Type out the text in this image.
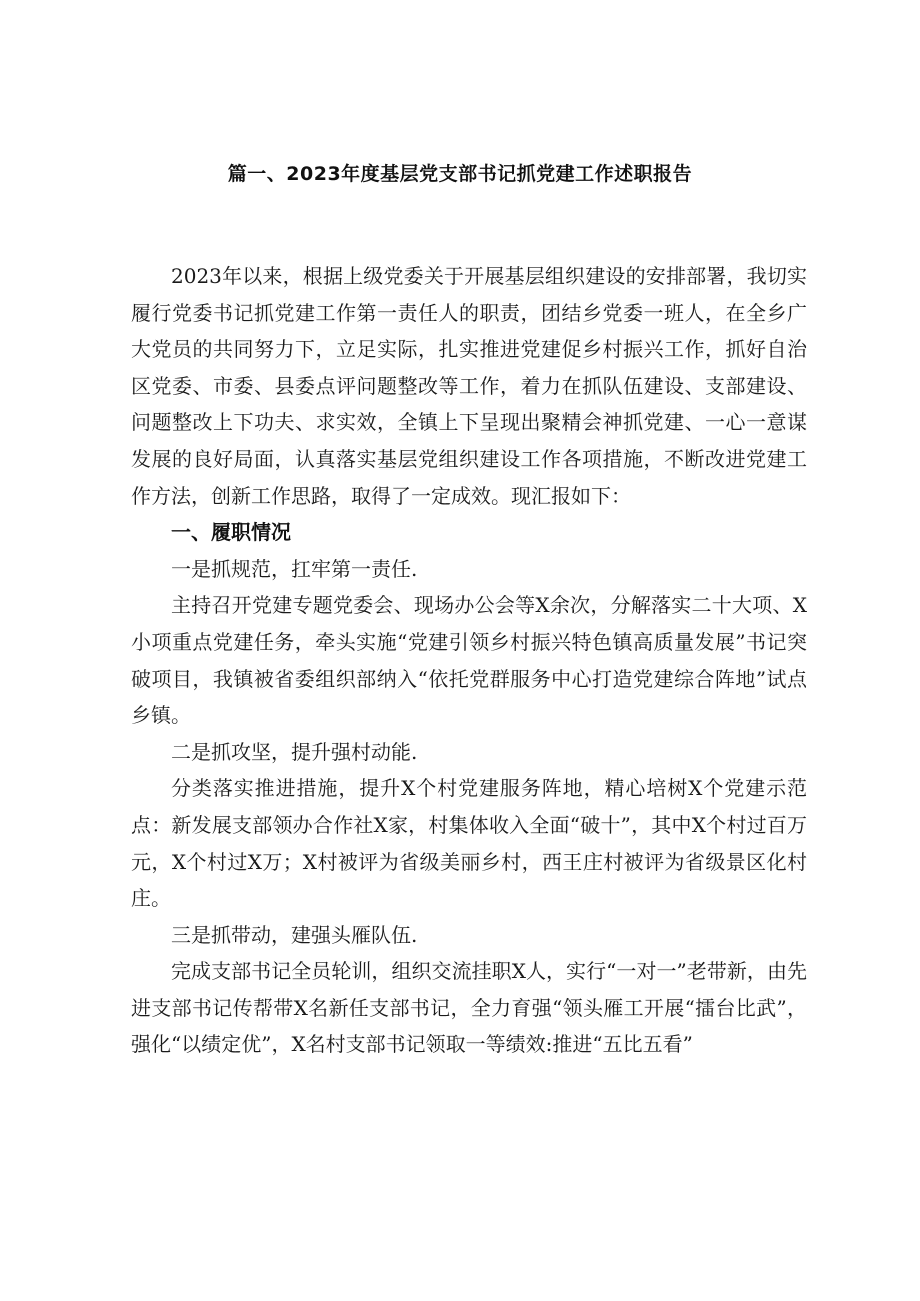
篇一、2023年度基层党支部书记抓党建工作述职报告

2023年以来，根据上级党委关于开展基层组织建设的安排部署，我切实履行党委书记抓党建工作第一责任人的职责，团结乡党委一班人，在全乡广大党员的共同努力下，立足实际，扎实推进党建促乡村振兴工作，抓好自治区党委、市委、县委点评问题整改等工作，着力在抓队伍建设、支部建设、问题整改上下功夫、求实效，全镇上下呈现出聚精会神抓党建、一心一意谋发展的良好局面，认真落实基层党组织建设工作各项措施，不断改进党建工作方法，创新工作思路，取得了一定成效。现汇报如下：

一、履职情况

一是抓规范，扛牢第一责任.

主持召开党建专题党委会、现场办公会等X余次，分解落实二十大项、X小项重点党建任务，牵头实施“党建引领乡村振兴特色镇高质量发展”书记突破项目，我镇被省委组织部纳入“依托党群服务中心打造党建综合阵地”试点乡镇。

二是抓攻坚，提升强村动能.

分类落实推进措施，提升X个村党建服务阵地，精心培树X个党建示范点：新发展支部领办合作社X家，村集体收入全面“破十”，其中X个村过百万元，X个村过X万；X村被评为省级美丽乡村，西王庄村被评为省级景区化村庄。

三是抓带动，建强头雁队伍.

完成支部书记全员轮训，组织交流挂职X人，实行“一对一”老带新，由先进支部书记传帮带X名新任支部书记，全力育强“领头雁工开展“擂台比武”，强化“以绩定优”，X名村支部书记领取一等绩效:推进“五比五看”
